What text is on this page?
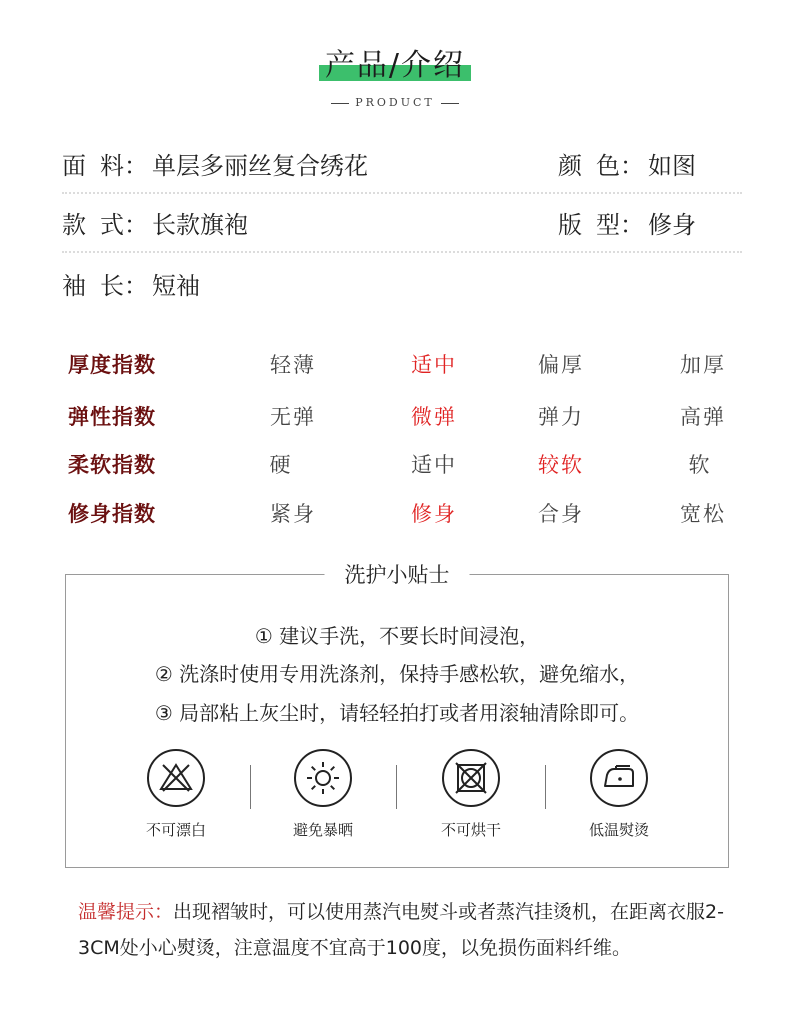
产品/介绍
PRODUCT
面 料： 单层多丽丝复合绣花	颜 色： 如图
款 式： 长款旗袍	版 型： 修身
袖 长： 短袖
厚度指数	轻薄	适中	偏厚	加厚
弹性指数	无弹	微弹	弹力	高弹
柔软指数	硬	适中	较软	软
修身指数	紧身	修身	合身	宽松
洗护小贴士
① 建议手洗，不要长时间浸泡，
② 洗涤时使用专用洗涤剂，保持手感松软，避免缩水，
③ 局部粘上灰尘时，请轻轻拍打或者用滚轴清除即可。
不可漂白	避免暴晒	不可烘干	低温熨烫
温馨提示：出现褶皱时，可以使用蒸汽电熨斗或者蒸汽挂烫机，在距离衣服2-3CM处小心熨烫，注意温度不宜高于100度，以免损伤面料纤维。
